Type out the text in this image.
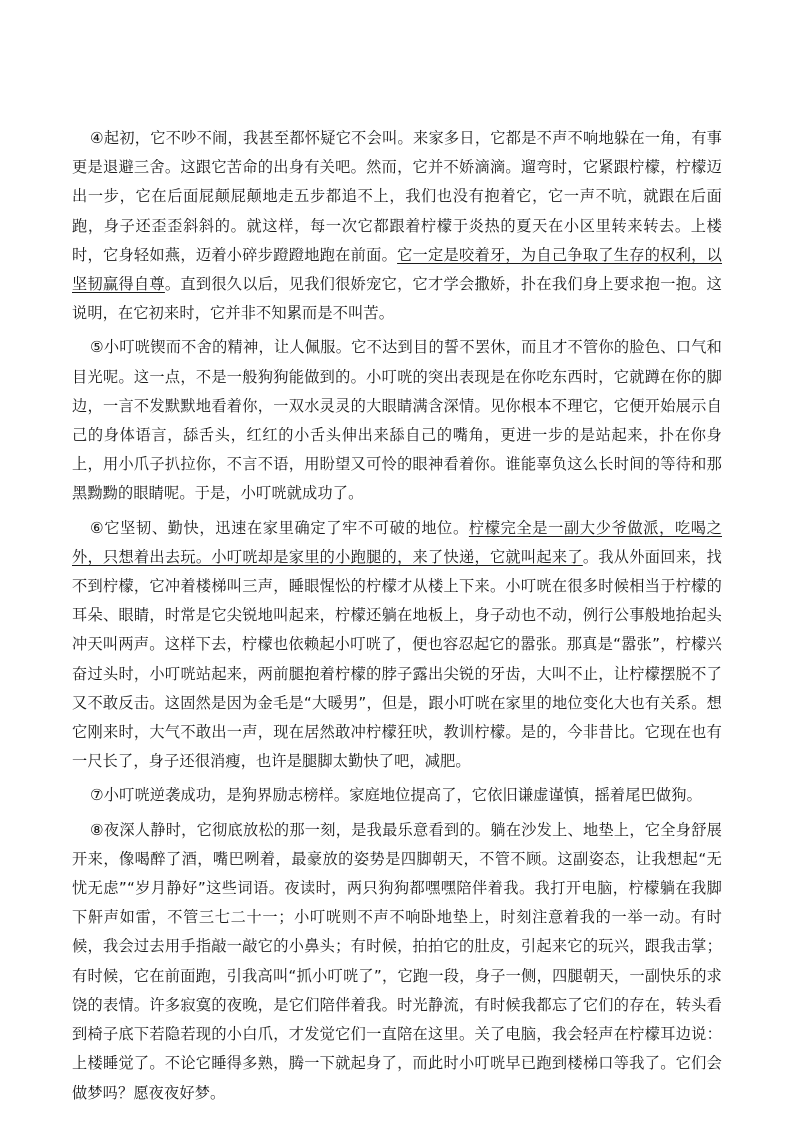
④起初，它不吵不闹，我甚至都怀疑它不会叫。来家多日，它都是不声不响地躲在一角，有事更是退避三舍。这跟它苦命的出身有关吧。然而，它并不娇滴滴。遛弯时，它紧跟柠檬，柠檬迈出一步，它在后面屁颠屁颠地走五步都追不上，我们也没有抱着它，它一声不吭，就跟在后面跑，身子还歪歪斜斜的。就这样，每一次它都跟着柠檬于炎热的夏天在小区里转来转去。上楼时，它身轻如燕，迈着小碎步蹬蹬地跑在前面。它一定是咬着牙，为自己争取了生存的权利，以坚韧赢得自尊。直到很久以后，见我们很娇宠它，它才学会撒娇，扑在我们身上要求抱一抱。这说明，在它初来时，它并非不知累而是不叫苦。

⑤小叮咣锲而不舍的精神，让人佩服。它不达到目的誓不罢休，而且才不管你的脸色、口气和目光呢。这一点，不是一般狗狗能做到的。小叮咣的突出表现是在你吃东西时，它就蹲在你的脚边，一言不发默默地看着你，一双水灵灵的大眼睛满含深情。见你根本不理它，它便开始展示自己的身体语言，舔舌头，红红的小舌头伸出来舔自己的嘴角，更进一步的是站起来，扑在你身上，用小爪子扒拉你，不言不语，用盼望又可怜的眼神看着你。谁能辜负这么长时间的等待和那黑黝黝的眼睛呢。于是，小叮咣就成功了。

⑥它坚韧、勤快，迅速在家里确定了牢不可破的地位。柠檬完全是一副大少爷做派，吃喝之外，只想着出去玩。小叮咣却是家里的小跑腿的，来了快递，它就叫起来了。我从外面回来，找不到柠檬，它冲着楼梯叫三声，睡眼惺忪的柠檬才从楼上下来。小叮咣在很多时候相当于柠檬的耳朵、眼睛，时常是它尖锐地叫起来，柠檬还躺在地板上，身子动也不动，例行公事般地抬起头冲天叫两声。这样下去，柠檬也依赖起小叮咣了，便也容忍起它的嚣张。那真是“嚣张”，柠檬兴奋过头时，小叮咣站起来，两前腿抱着柠檬的脖子露出尖锐的牙齿，大叫不止，让柠檬摆脱不了又不敢反击。这固然是因为金毛是“大暖男”，但是，跟小叮咣在家里的地位变化大也有关系。想它刚来时，大气不敢出一声，现在居然敢冲柠檬狂吠，教训柠檬。是的，今非昔比。它现在也有一尺长了，身子还很消瘦，也许是腿脚太勤快了吧，减肥。

⑦小叮咣逆袭成功，是狗界励志榜样。家庭地位提高了，它依旧谦虚谨慎，摇着尾巴做狗。

⑧夜深人静时，它彻底放松的那一刻，是我最乐意看到的。躺在沙发上、地垫上，它全身舒展开来，像喝醉了酒，嘴巴咧着，最豪放的姿势是四脚朝天，不管不顾。这副姿态，让我想起“无忧无虑”“岁月静好”这些词语。夜读时，两只狗狗都嘿嘿陪伴着我。我打开电脑，柠檬躺在我脚下鼾声如雷，不管三七二十一；小叮咣则不声不响卧地垫上，时刻注意着我的一举一动。有时候，我会过去用手指敲一敲它的小鼻头；有时候，拍拍它的肚皮，引起来它的玩兴，跟我击掌；有时候，它在前面跑，引我高叫“抓小叮咣了”，它跑一段，身子一侧，四腿朝天，一副快乐的求饶的表情。许多寂寞的夜晚，是它们陪伴着我。时光静流，有时候我都忘了它们的存在，转头看到椅子底下若隐若现的小白爪，才发觉它们一直陪在这里。关了电脑，我会轻声在柠檬耳边说：上楼睡觉了。不论它睡得多熟，腾一下就起身了，而此时小叮咣早已跑到楼梯口等我了。它们会做梦吗？愿夜夜好梦。
